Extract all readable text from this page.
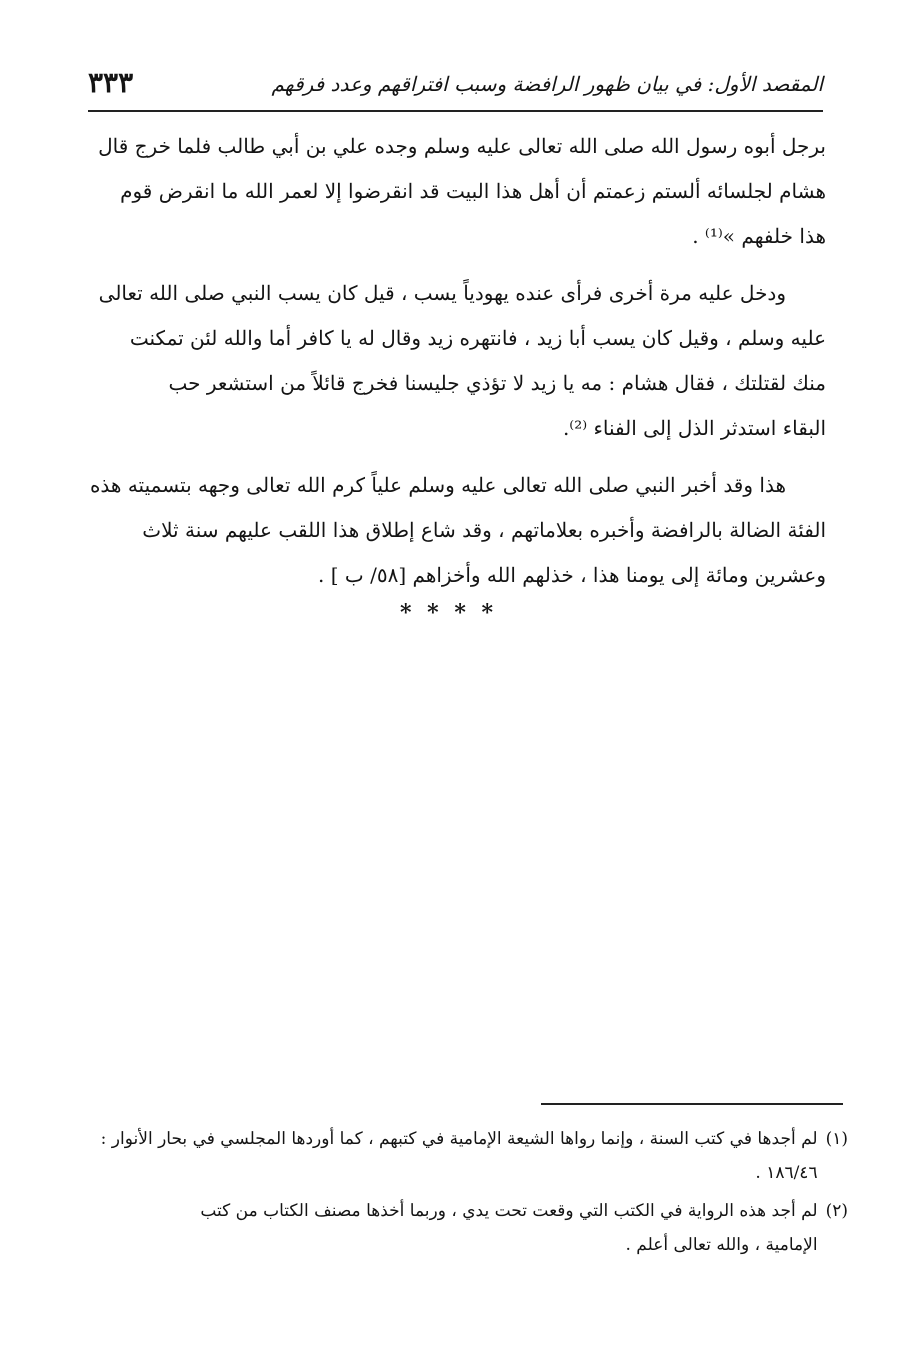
المقصد الأول: في بيان ظهور الرافضة وسبب افتراقهم وعدد فرقهم
٣٣٣

برجل أبوه رسول الله صلى الله تعالى عليه وسلم وجده علي بن أبي طالب فلما خرج قال
هشام لجلسائه ألستم زعمتم أن أهل هذا البيت قد انقرضوا إلا لعمر الله ما انقرض قوم
هذا خلفهم »⁽¹⁾ .

ودخل عليه مرة أخرى فرأى عنده يهودياً يسب ، قيل كان يسب النبي صلى الله تعالى
عليه وسلم ، وقيل كان يسب أبا زيد ، فانتهره زيد وقال له يا كافر أما والله لئن تمكنت
منك لقتلتك ، فقال هشام : مه يا زيد لا تؤذي جليسنا فخرج قائلاً من استشعر حب
البقاء استدثر الذل إلى الفناء ⁽²⁾.

هذا وقد أخبر النبي صلى الله تعالى عليه وسلم علياً كرم الله تعالى وجهه بتسميته هذه
الفئة الضالة بالرافضة وأخبره بعلاماتهم ، وقد شاع إطلاق هذا اللقب عليهم سنة ثلاث
وعشرين ومائة إلى يومنا هذا ، خذلهم الله وأخزاهم [٥٨/ ب ] .

* * * *
(١)
لم أجدها في كتب السنة ، وإنما رواها الشيعة الإمامية في كتبهم ، كما أوردها المجلسي في بحار الأنوار :
١٨٦/٤٦ .
(٢)
لم أجد هذه الرواية في الكتب التي وقعت تحت يدي ، وربما أخذها مصنف الكتاب من كتب
الإمامية ، والله تعالى أعلم .
